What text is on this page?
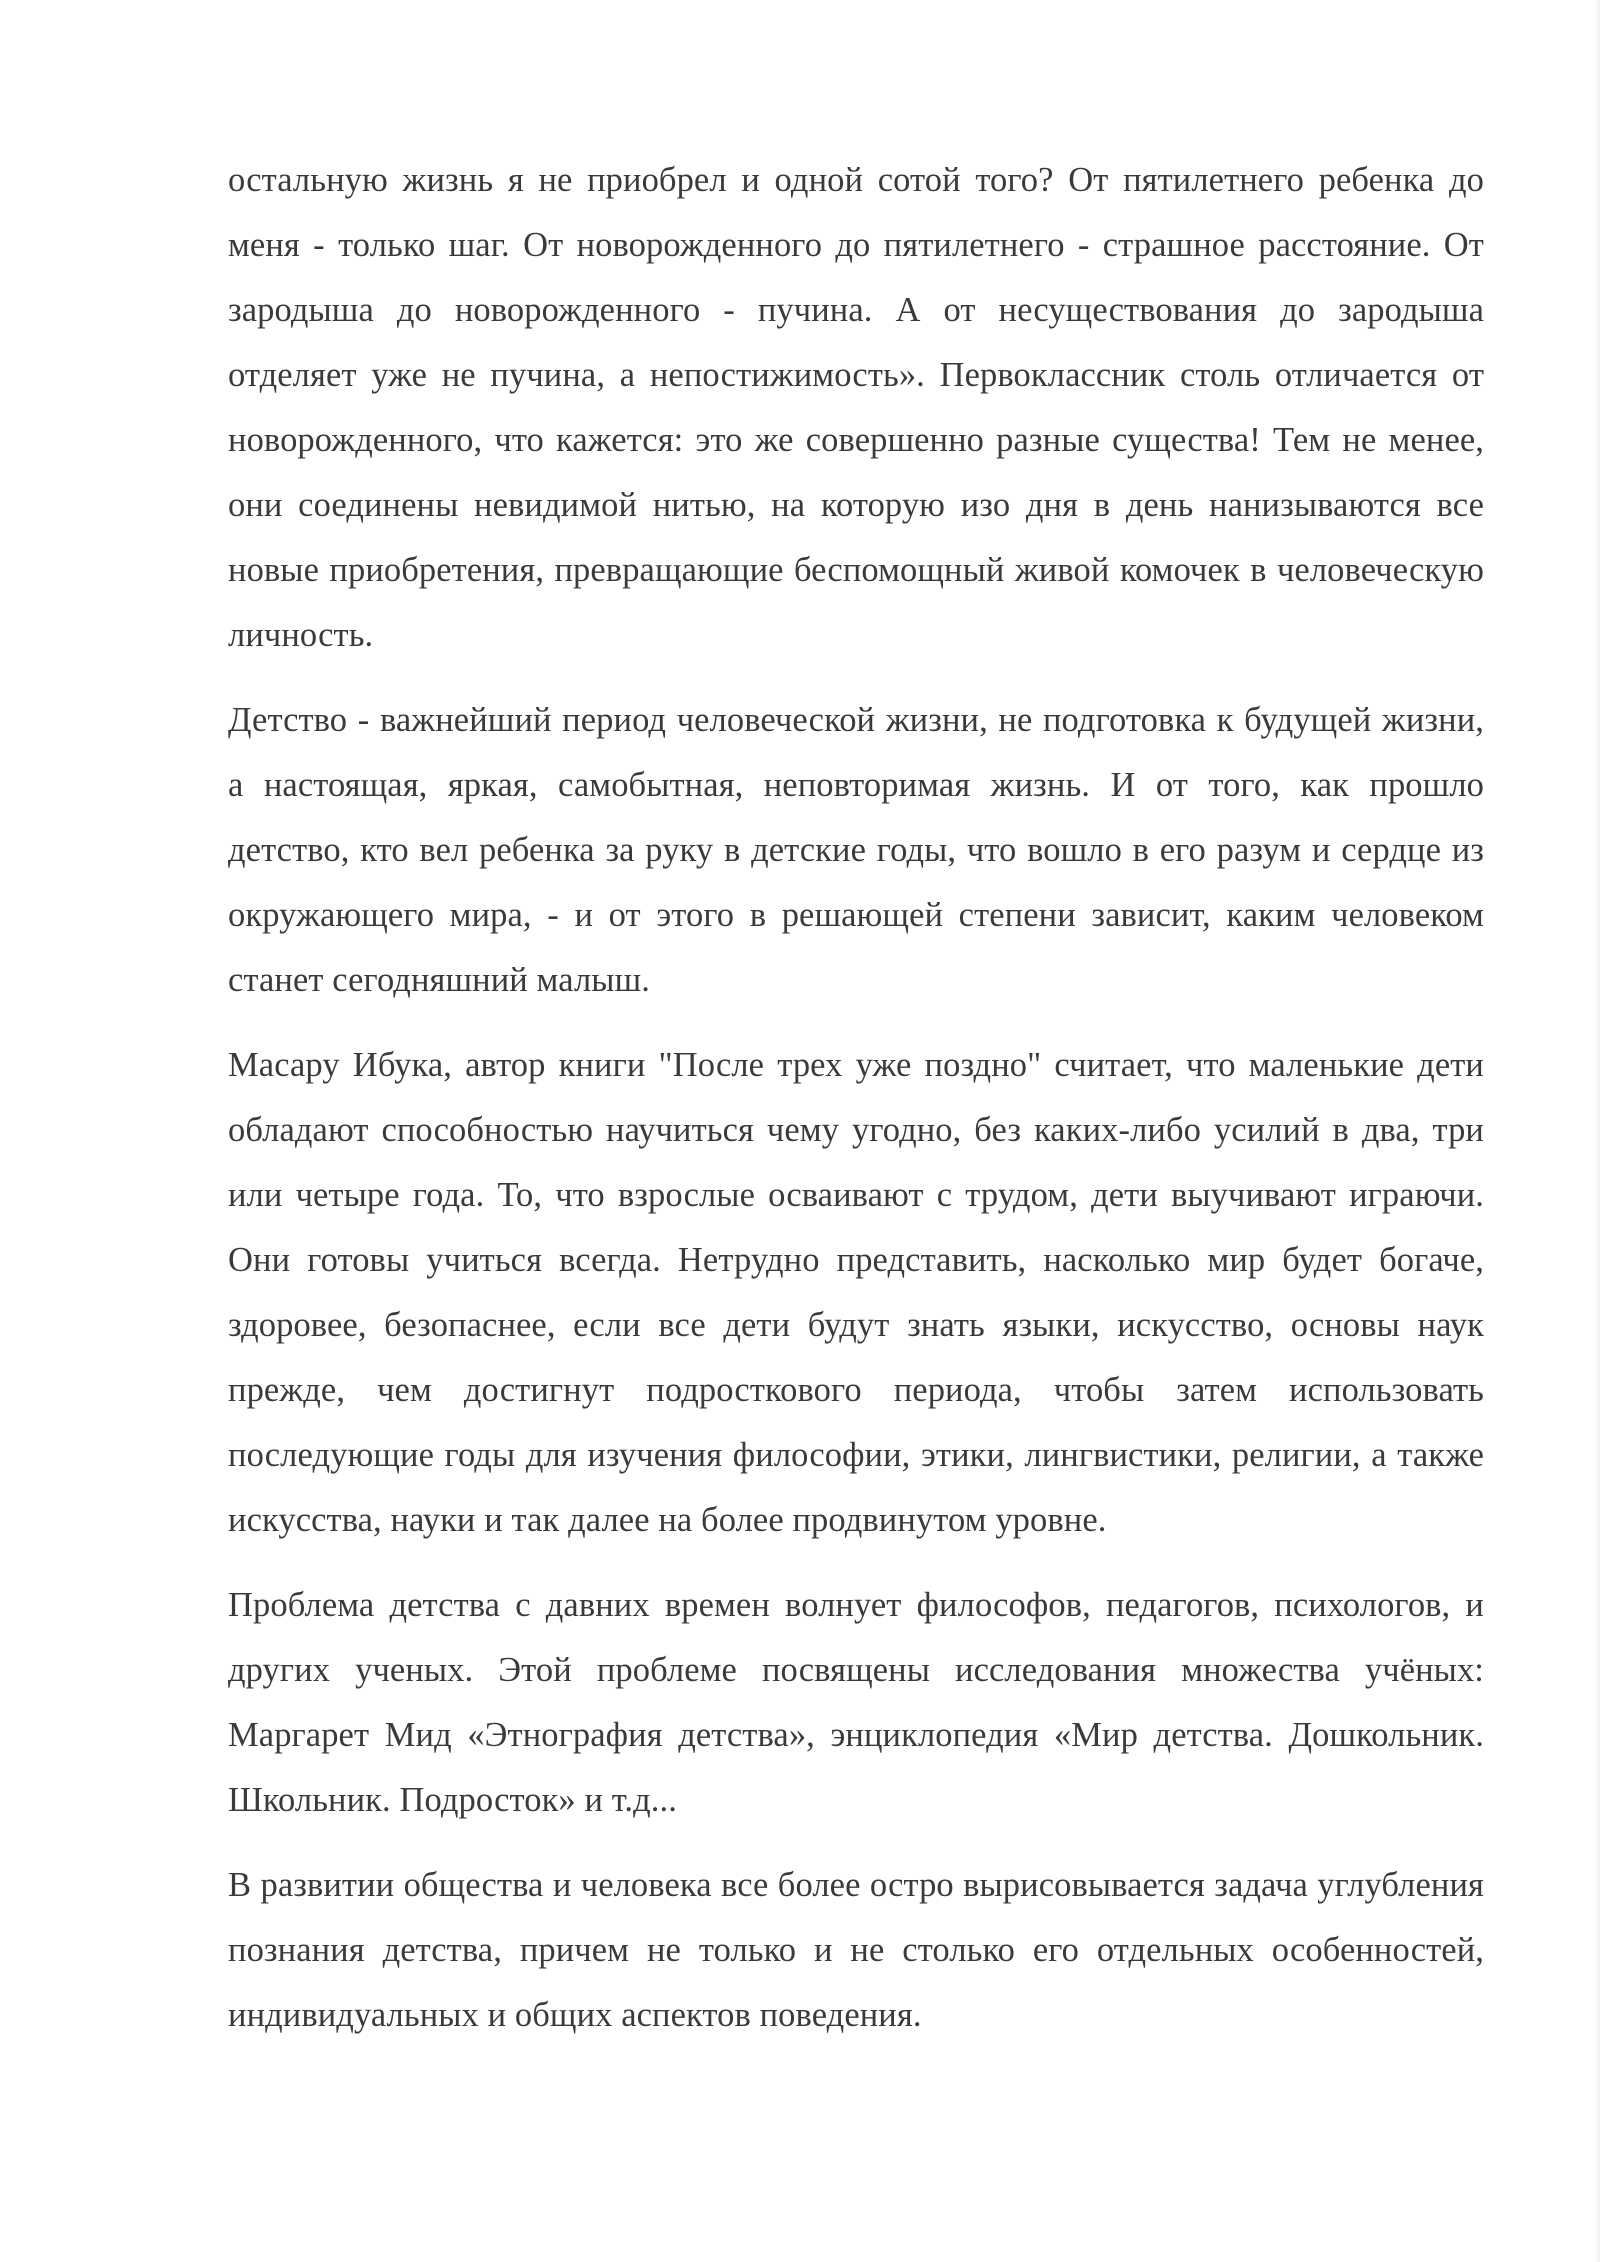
остальную жизнь я не приобрел и одной сотой того? От пятилетнего ребенка до меня - только шаг. От новорожденного до пятилетнего - страшное расстояние. От зародыша до новорожденного - пучина. А от несуществования до зародыша отделяет уже не пучина, а непостижимость». Первоклассник столь отличается от новорожденного, что кажется: это же совершенно разные существа! Тем не менее, они соединены невидимой нитью, на которую изо дня в день нанизываются все новые приобретения, превращающие беспомощный живой комочек в человеческую личность.

Детство - важнейший период человеческой жизни, не подготовка к будущей жизни, а настоящая, яркая, самобытная, неповторимая жизнь. И от того, как прошло детство, кто вел ребенка за руку в детские годы, что вошло в его разум и сердце из окружающего мира, - и от этого в решающей степени зависит, каким человеком станет сегодняшний малыш.

Масару Ибука, автор книги "После трех уже поздно" считает, что маленькие дети обладают способностью научиться чему угодно, без каких-либо усилий в два, три или четыре года. То, что взрослые осваивают с трудом, дети выучивают играючи. Они готовы учиться всегда. Нетрудно представить, насколько мир будет богаче, здоровее, безопаснее, если все дети будут знать языки, искусство, основы наук прежде, чем достигнут подросткового периода, чтобы затем использовать последующие годы для изучения философии, этики, лингвистики, религии, а также искусства, науки и так далее на более продвинутом уровне.

Проблема детства с давних времен волнует философов, педагогов, психологов, и других ученых. Этой проблеме посвящены исследования множества учёных: Маргарет Мид «Этнография детства», энциклопедия «Мир детства. Дошкольник. Школьник. Подросток» и т.д...

В развитии общества и человека все более остро вырисовывается задача углубления познания детства, причем не только и не столько его отдельных особенностей, индивидуальных и общих аспектов поведения.
